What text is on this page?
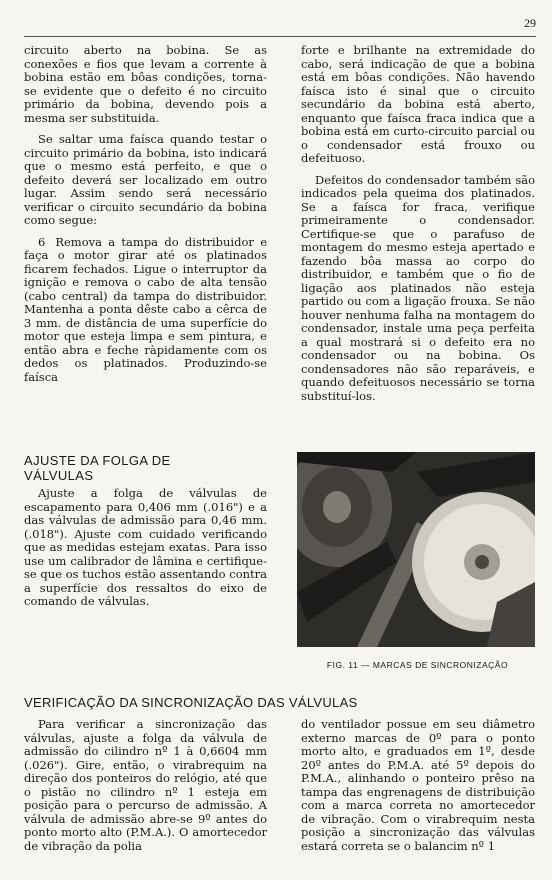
29

circuito aberto na bobina. Se as conexões e fios que levam a corrente à bobina estão em bôas condições, torna-se evidente que o defeito é no circuito primário da bobina, devendo pois a mesma ser substituida.

Se saltar uma faísca quando testar o circuito primário da bobina, isto indicará que o mesmo está perfeito, e que o defeito deverá ser localizado em outro lugar. Assim sendo será necessário verificar o circuito secundário da bobina como segue:

6 Remova a tampa do distribuidor e faça o motor girar até os platinados ficarem fechados. Ligue o interruptor da ignição e remova o cabo de alta tensão (cabo central) da tampa do distribuidor. Mantenha a ponta dêste cabo a cêrca de 3 mm. de distância de uma superfície do motor que esteja limpa e sem pintura, e então abra e feche ràpidamente com os dedos os platinados. Produzindo-se faísca

forte e brilhante na extremidade do cabo, será indicação de que a bobina está em bôas condições. Não havendo faísca isto é sinal que o circuito secundário da bobina está aberto, enquanto que faísca fraca indica que a bobina está em curto-circuito parcial ou o condensador está frouxo ou defeituoso.

Defeitos do condensador também são indicados pela queima dos platinados. Se a faísca for fraca, verifique primeiramente o condensador. Certifique-se que o parafuso de montagem do mesmo esteja apertado e fazendo bôa massa ao corpo do distribuidor, e também que o fio de ligação aos platinados não esteja partido ou com a ligação frouxa. Se não houver nenhuma falha na montagem do condensador, instale uma peça perfeita a qual mostrará si o defeito era no condensador ou na bobina. Os condensadores não são reparáveis, e quando defeituosos necessário se torna substituí-los.

AJUSTE DA FOLGA DE
VÁLVULAS

Ajuste a folga de válvulas de escapamento para 0,406 mm (.016") e a das válvulas de admissão para 0,46 mm. (.018"). Ajuste com cuidado verificando que as medidas estejam exatas. Para isso use um calibrador de lâmina e certifique-se que os tuchos estão assentando contra a superfície dos ressaltos do eixo de comando de válvulas.

FIG. 11 — MARCAS DE SINCRONIZAÇÃO
VERIFICAÇÃO DA SINCRONIZAÇÃO DAS VÁLVULAS

Para verificar a sincronização das válvulas, ajuste a folga da válvula de admissão do cilindro nº 1 à 0,6604 mm (.026"). Gire, então, o virabrequim na direção dos ponteiros do relógio, até que o pistão no cilindro nº 1 esteja em posição para o percurso de admissão. A válvula de admissão abre-se 9º antes do ponto morto alto (P.M.A.). O amortecedor de vibração da polia

do ventilador possue em seu diâmetro externo marcas de 0º para o ponto morto alto, e graduados em 1º, desde 20º antes do P.M.A. até 5º depois do P.M.A., alinhando o ponteiro prêso na tampa das engrenagens de distribuição com a marca correta no amortecedor de vibração. Com o virabrequim nesta posição a sincronização das válvulas estará correta se o balancim nº 1
